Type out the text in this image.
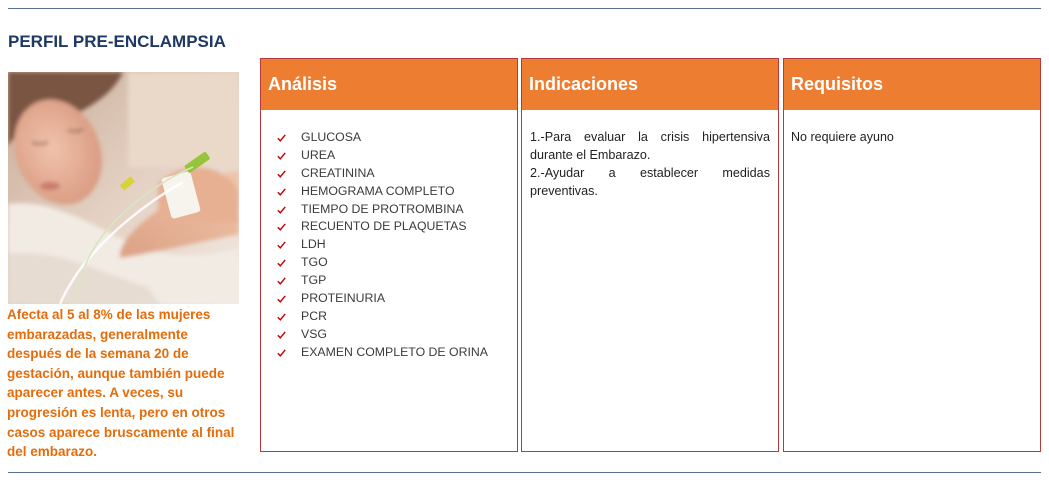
PERFIL PRE-ENCLAMPSIA
Afecta al 5 al 8% de las mujeres
embarazadas, generalmente
después de la semana 20 de
gestación, aunque también puede
aparecer antes. A veces, su
progresión es lenta, pero en otros
casos aparece bruscamente al final
del embarazo.
Análisis
GLUCOSA
UREA
CREATININA
HEMOGRAMA COMPLETO
TIEMPO DE PROTROMBINA
RECUENTO DE PLAQUETAS
LDH
TGO
TGP
PROTEINURIA
PCR
VSG
EXAMEN COMPLETO DE ORINA
Indicaciones

1.-Para evaluar la crisis hipertensiva durante el Embarazo.

2.-Ayudar a establecer medidas preventivas.

Requisitos
No requiere ayuno
